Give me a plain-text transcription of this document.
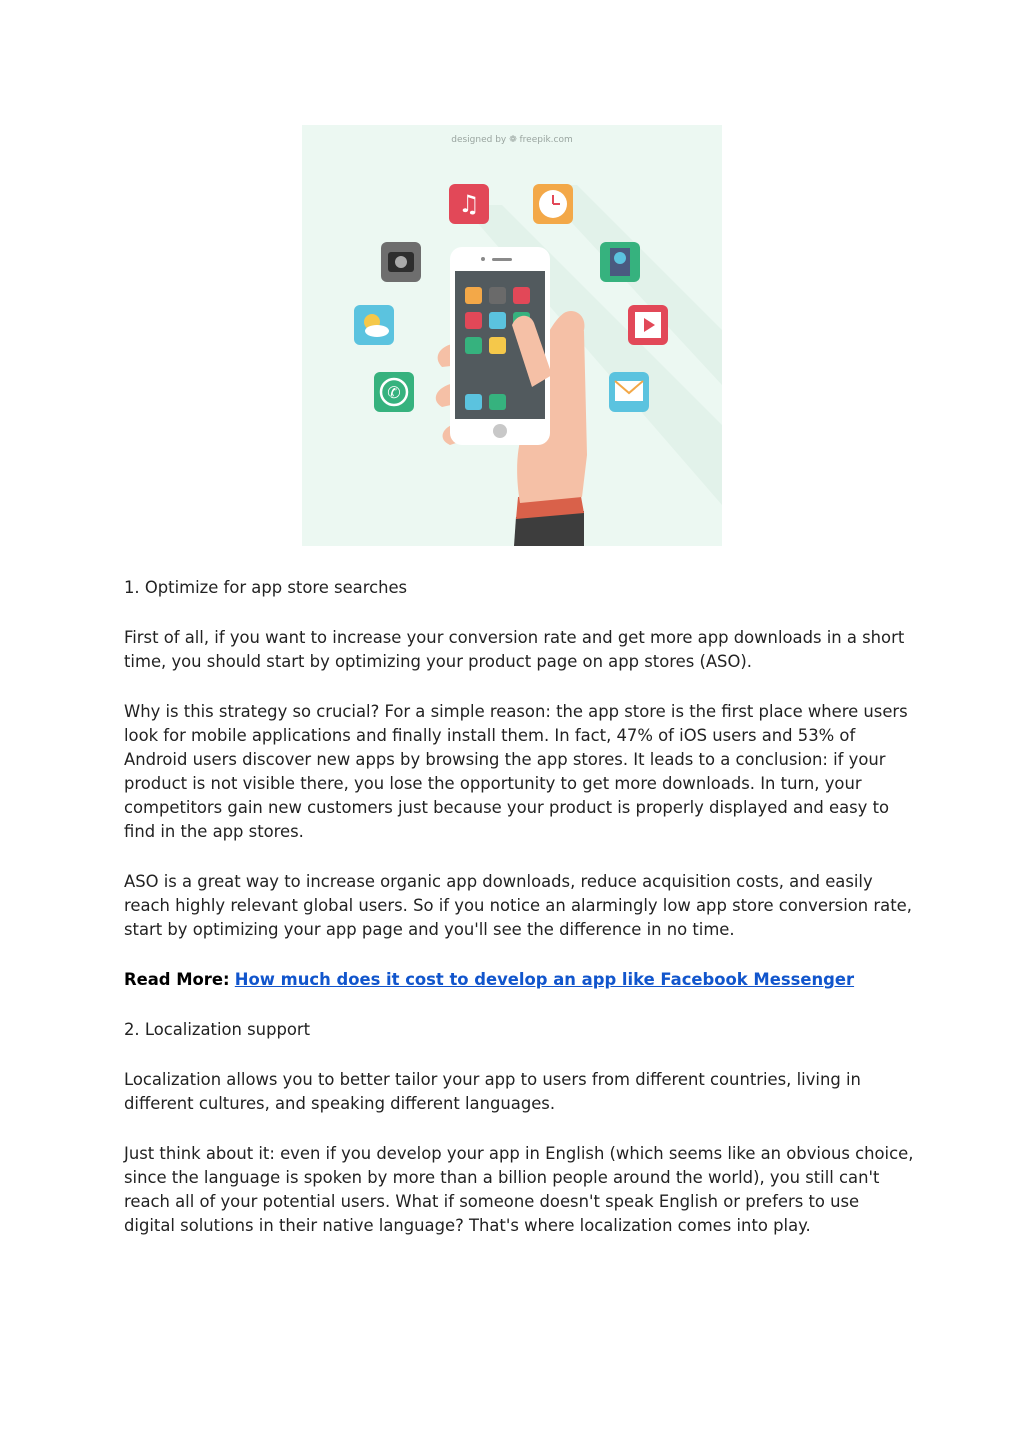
designed by ❁ freepik.com
♫
✆

1. Optimize for app store searches

First of all, if you want to increase your conversion rate and get more app downloads in a short time, you should start by optimizing your product page on app stores (ASO).

Why is this strategy so crucial? For a simple reason: the app store is the first place where users look for mobile applications and finally install them. In fact, 47% of iOS users and 53% of Android users discover new apps by browsing the app stores. It leads to a conclusion: if your product is not visible there, you lose the opportunity to get more downloads. In turn, your competitors gain new customers just because your product is properly displayed and easy to find in the app stores.

ASO is a great way to increase organic app downloads, reduce acquisition costs, and easily reach highly relevant global users. So if you notice an alarmingly low app store conversion rate, start by optimizing your app page and you'll see the difference in no time.

Read More: How much does it cost to develop an app like Facebook Messenger

2. Localization support

Localization allows you to better tailor your app to users from different countries, living in different cultures, and speaking different languages.

Just think about it: even if you develop your app in English (which seems like an obvious choice, since the language is spoken by more than a billion people around the world), you still can't reach all of your potential users. What if someone doesn't speak English or prefers to use digital solutions in their native language? That's where localization comes into play.
